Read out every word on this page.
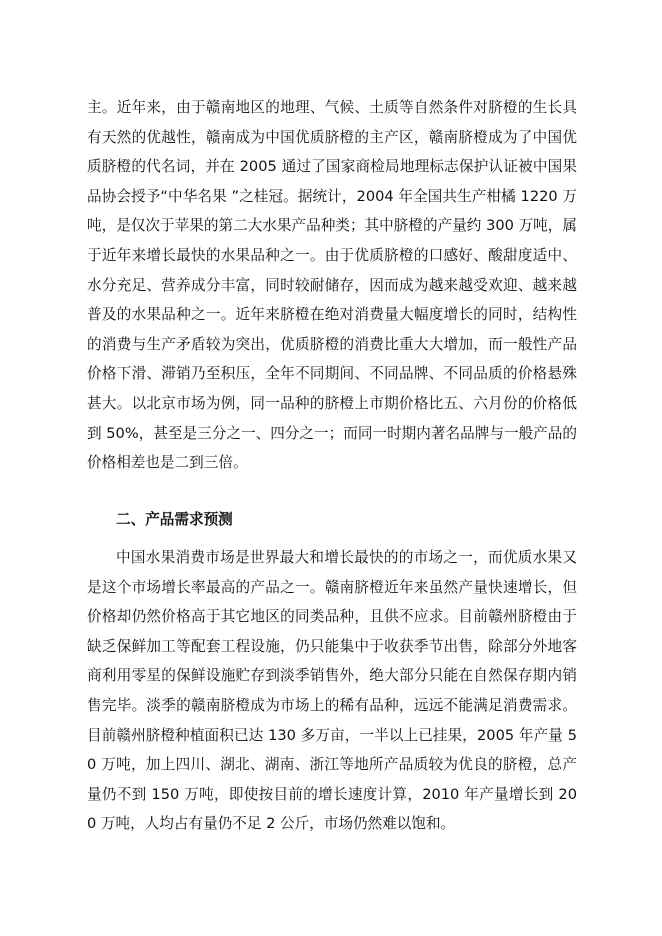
主。近年来，由于赣南地区的地理、气候、土质等自然条件对脐橙的生长具有天然的优越性，赣南成为中国优质脐橙的主产区，赣南脐橙成为了中国优质脐橙的代名词，并在 2005 通过了国家商检局地理标志保护认证被中国果品协会授予“中华名果 ”之桂冠。据统计，2004 年全国共生产柑橘 1220 万吨，是仅次于苹果的第二大水果产品种类；其中脐橙的产量约 300 万吨，属于近年来增长最快的水果品种之一。由于优质脐橙的口感好、酸甜度适中、水分充足、营养成分丰富，同时较耐储存，因而成为越来越受欢迎、越来越普及的水果品种之一。近年来脐橙在绝对消费量大幅度增长的同时，结构性的消费与生产矛盾较为突出，优质脐橙的消费比重大大增加，而一般性产品价格下滑、滞销乃至积压，全年不同期间、不同品牌、不同品质的价格悬殊甚大。以北京市场为例，同一品种的脐橙上市期价格比五、六月份的价格低到 50%，甚至是三分之一、四分之一；而同一时期内著名品牌与一般产品的价格相差也是二到三倍。

二、产品需求预测

中国水果消费市场是世界最大和增长最快的的市场之一，而优质水果又是这个市场增长率最高的产品之一。赣南脐橙近年来虽然产量快速增长，但价格却仍然价格高于其它地区的同类品种，且供不应求。目前赣州脐橙由于缺乏保鲜加工等配套工程设施，仍只能集中于收获季节出售，除部分外地客商利用零星的保鲜设施贮存到淡季销售外，绝大部分只能在自然保存期内销售完毕。淡季的赣南脐橙成为市场上的稀有品种，远远不能满足消费需求。目前赣州脐橙种植面积已达 130 多万亩，一半以上已挂果，2005 年产量 50 万吨，加上四川、湖北、湖南、浙江等地所产品质较为优良的脐橙，总产量仍不到 150 万吨，即使按目前的增长速度计算，2010 年产量增长到 200 万吨，人均占有量仍不足 2 公斤，市场仍然难以饱和。
